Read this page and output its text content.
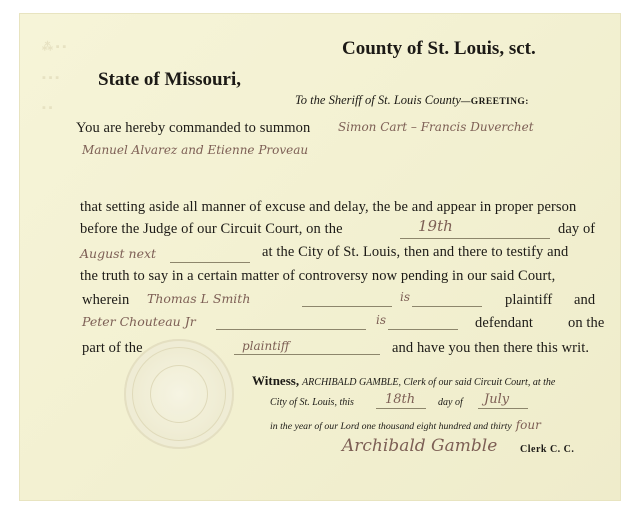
⁂ ▪ ▪
▪ ▪ ▪
▪ ▪
County of St. Louis, sct.
State of Missouri,
To the Sheriff of St. Louis County—GREETING:
You are hereby commanded to summon Simon Cart – Francis Duverchet
Manuel Alvarez and Etienne Proveau
that setting aside all manner of excuse and delay, the be and appear in proper person
before the Judge of our Circuit Court, on the	19th	day of
August next	at the City of St. Louis, then and there to testify and
the truth to say in a certain matter of controversy now pending in our said Court,
wherein Thomas L Smith	is	plaintiff and
Peter Chouteau Jr	is	defendant on the
part of the	plaintiff	and have you then there this writ.
Witness, ARCHIBALD GAMBLE, Clerk of our said Circuit Court, at the
City of St. Louis, this 18th day of July
in the year of our Lord one thousand eight hundred and thirty four
Archibald Gamble Clerk C. C.
